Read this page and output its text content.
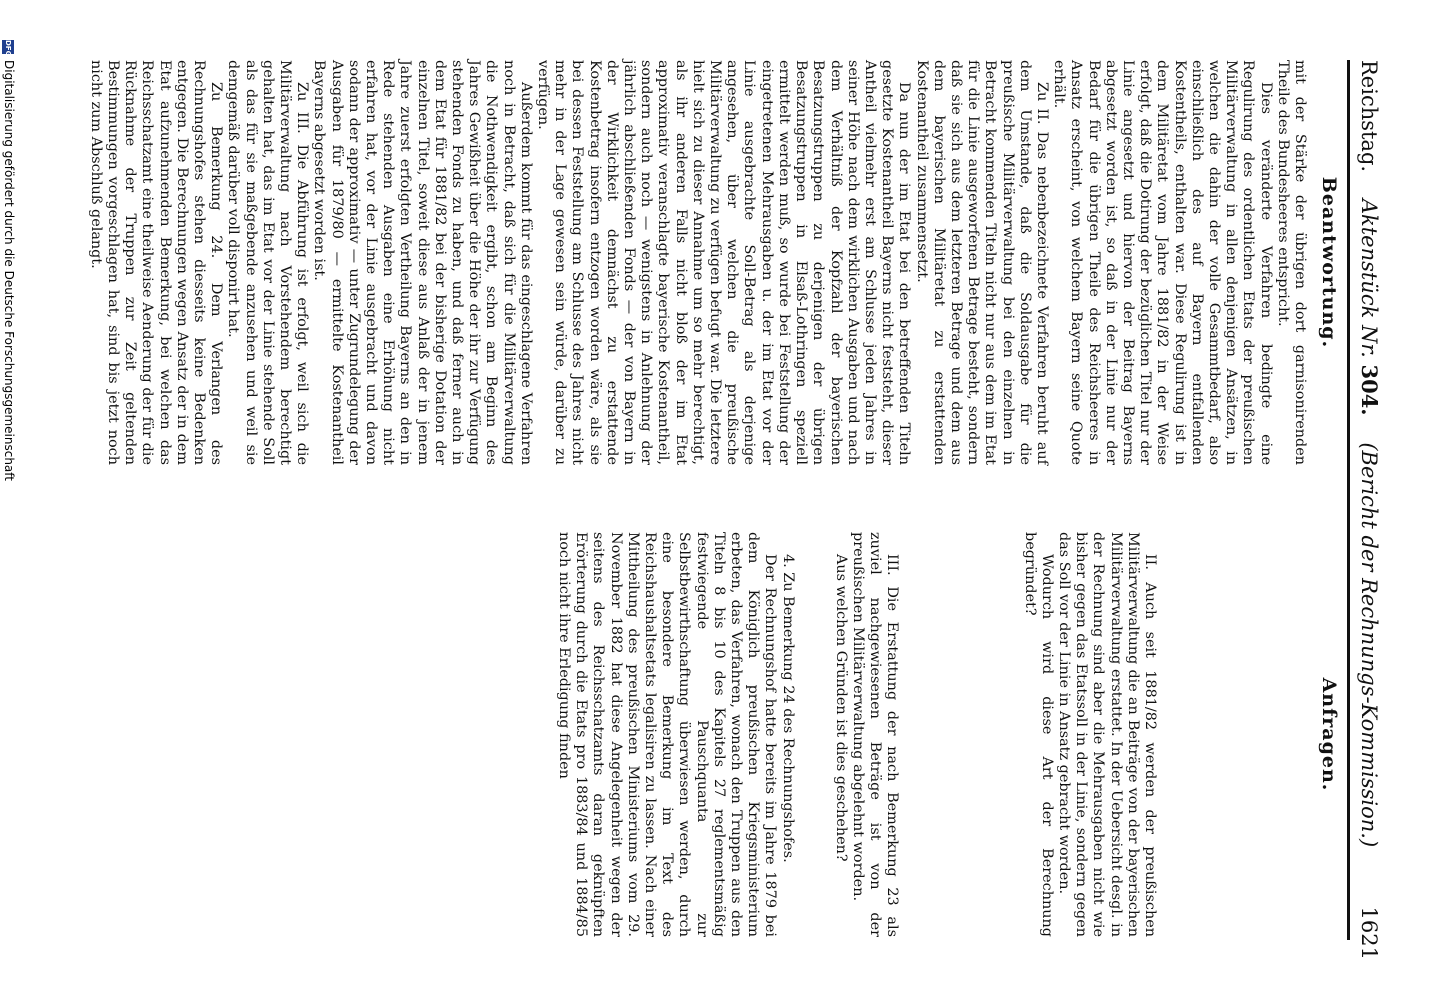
Reichstag.    Aktenstück Nr. 304.    (Bericht der Rechnungs-Kommission.)
1621
Beantwortung.

mit der Stärke der übrigen dort garnisonirenden Theile des Bundesheeres entspricht.

Dies veränderte Verfahren bedingte eine Regulirung des ordentlichen Etats der preußischen Militärverwaltung in allen denjenigen Ansätzen, in welchen die dahin der volle Gesammtbedarf, also einschließlich des auf Bayern entfallenden Kostentheils, enthalten war. Diese Regulirung ist in dem Militäretat vom Jahre 1881/82 in der Weise erfolgt, daß die Dotirung der bezüglichen Titel nur der Linie angesetzt und hiervon der Beitrag Bayerns abgesetzt worden ist, so daß in der Linie nur der Bedarf für die übrigen Theile des Reichsheeres in Ansatz erscheint, von welchem Bayern seine Quote erhält.

Zu II. Das nebenbezeichnete Verfahren beruht auf dem Umstande, daß die Soldausgabe für die preußische Militärverwaltung bei den einzelnen in Betracht kommenden Titeln nicht nur aus dem im Etat für die Linie ausgeworfenen Betrage besteht, sondern daß sie sich aus dem letzteren Betrage und dem aus dem bayerischen Militäretat zu erstattenden Kostenantheil zusammensetzt.

Da nun der im Etat bei den betreffenden Titeln gesetzte Kostenantheil Bayerns nicht feststeht, dieser Antheil vielmehr erst am Schlusse jeden Jahres in seiner Höhe nach dem wirklichen Ausgaben und nach dem Verhältniß der Kopfzahl der bayerischen Besatzungstruppen zu derjenigen der übrigen Besatzungstruppen in Elsaß-Lothringen speziell ermittelt werden muß, so wurde bei Feststellung der eingetretenen Mehrausgaben u. der im Etat vor der Linie ausgebrachte Soll-Betrag als derjenige angesehen, über welchen die preußische Militärverwaltung zu verfügen befugt war. Die letztere hielt sich zu dieser Annahme um so mehr berechtigt, als ihr anderen Falls nicht bloß der im Etat approximativ veranschlagte bayerische Kostenantheil, sondern auch noch — wenigstens in Anlehnung der jährlich abschließenden Fonds — der von Bayern in der Wirklichkeit demnächst zu erstattende Kostenbetrag insofern entzogen worden wäre, als sie bei dessen Feststellung am Schlusse des Jahres nicht mehr in der Lage gewesen sein würde, darüber zu verfügen.

Außerdem kommt für das eingeschlagene Verfahren noch in Betracht, daß sich für die Militärverwaltung die Nothwendigkeit ergibt, schon am Beginn des Jahres Gewißheit über die Höhe der ihr zur Verfügung stehenden Fonds zu haben, und daß ferner auch in dem Etat für 1881/82 bei der bisherige Dotation der einzelnen Titel, soweit diese aus Anlaß der in jenem Jahre zuerst erfolgten Vertheilung Bayerns an den in Rede stehenden Ausgaben eine Erhöhung nicht erfahren hat, vor der Linie ausgebracht und davon sodann der approximativ — unter Zugrundelegung der Ausgaben für 1879/80 — ermittelte Kostenantheil Bayerns abgesetzt worden ist.

Zu III. Die Abführung ist erfolgt, weil sich die Militärverwaltung nach Vorstehendem berechtigt gehalten hat, das im Etat vor der Linie stehende Soll als das für sie maßgebende anzusehen und weil sie demgemäß darüber voll disponirt hat.

Zu Bemerkung 24. Dem Verlangen des Rechnungshofes stehen diesseits keine Bedenken entgegen. Die Berechnungen wegen Ansatz der in dem Etat aufzunehmenden Bemerkung, bei welchen das Reichsschatzamt eine theilweise Aenderung der für die Rücknahme der Truppen zur Zeit geltenden Bestimmungen vorgeschlagen hat, sind bis jetzt noch nicht zum Abschluß gelangt.

Anfragen.

II. Auch seit 1881/82 werden der preußischen Militärverwaltung die an Beiträge von der bayerischen Militärverwaltung erstattet. In der Uebersicht desgl. in der Rechnung sind aber die Mehrausgaben nicht wie bisher gegen das Etatssoll in der Linie, sondern gegen das Soll vor der Linie in Ansatz gebracht worden.

Wodurch wird diese Art der Berechnung begründet?

III. Die Erstattung der nach Bemerkung 23 als zuviel nachgewiesenen Beträge ist von der preußischen Militärverwaltung abgelehnt worden.

Aus welchen Gründen ist dies geschehen?

4. Zu Bemerkung 24 des Rechnungshofes.

Der Rechnungshof hatte bereits im Jahre 1879 bei dem Königlich preußischen Kriegsministerium erbeten, das Verfahren, wonach den Truppen aus den Titeln 8 bis 10 des Kapitels 27 reglementsmäßig festwiegende Pauschquanta zur Selbstbewirthschaftung überwiesen werden, durch eine besondere Bemerkung im Text des Reichshaushaltsetats legalisiren zu lassen. Nach einer Mittheilung des preußischen Ministeriums vom 29. November 1882 hat diese Angelegenheit wegen der seitens des Reichsschatzamts daran geknüpften Erörterung durch die Etats pro 1883/84 und 1884/85 noch nicht ihre Erledigung finden

DFGDigitalisierung gefördert durch die Deutsche Forschungsgemeinschaft
